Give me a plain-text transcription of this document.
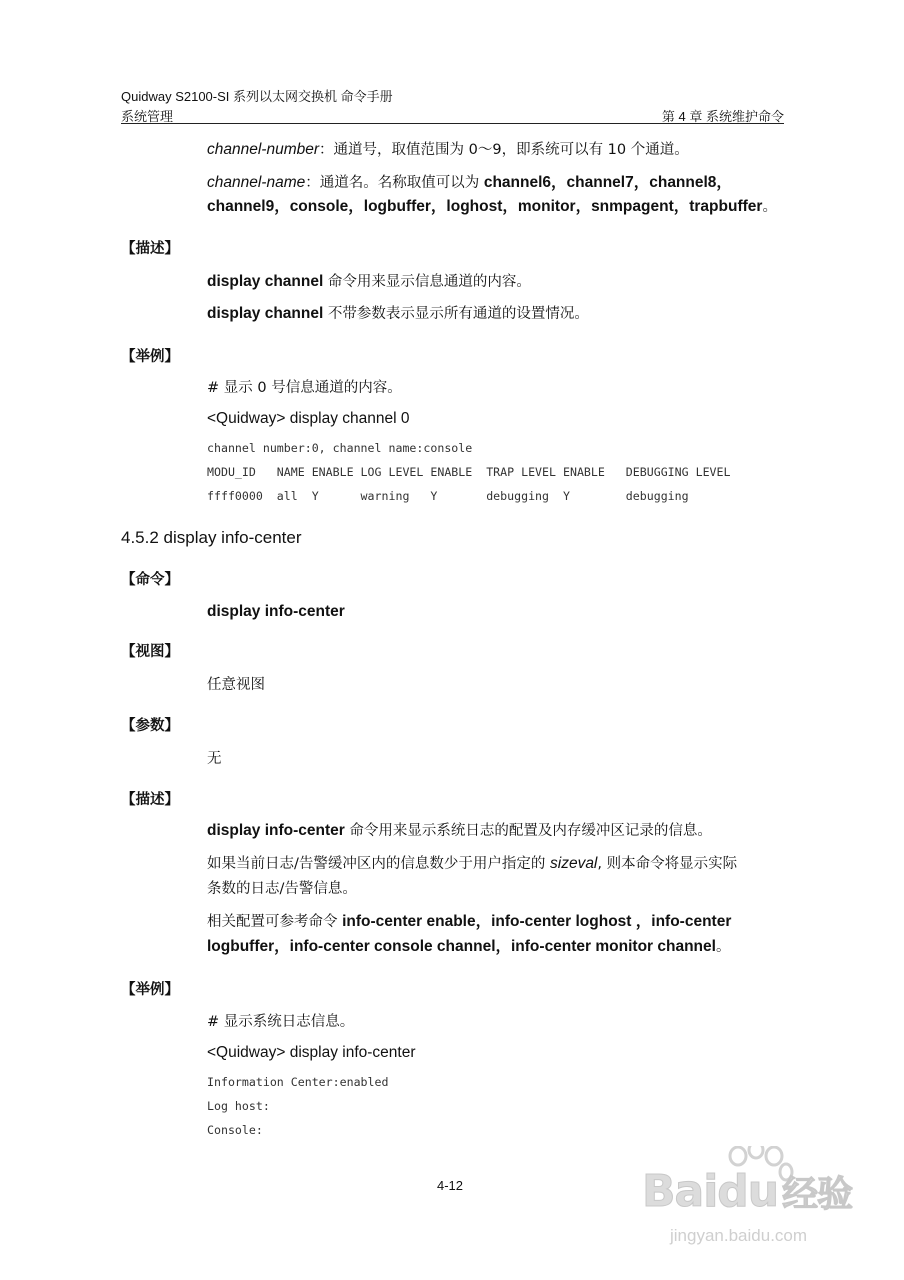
Quidway S2100-SI 系列以太网交换机 命令手册
系统管理	第 4 章 系统维护命令
channel-number：通道号，取值范围为 0～9，即系统可以有 10 个通道。
channel-name：通道名。名称取值可以为 channel6，channel7，channel8，
channel9，console，logbuffer，loghost，monitor，snmpagent，trapbuffer。
【描述】
display channel 命令用来显示信息通道的内容。
display channel 不带参数表示显示所有通道的设置情况。
【举例】
# 显示 0 号信息通道的内容。
<Quidway> display channel 0
channel number:0, channel name:console
MODU_ID   NAME ENABLE LOG LEVEL ENABLE  TRAP LEVEL ENABLE   DEBUGGING LEVEL
ffff0000  all  Y      warning   Y       debugging  Y        debugging
4.5.2 display info-center
【命令】
display info-center
【视图】
任意视图
【参数】
无
【描述】
display info-center 命令用来显示系统日志的配置及内存缓冲区记录的信息。
如果当前日志/告警缓冲区内的信息数少于用户指定的 sizeval, 则本命令将显示实际
条数的日志/告警信息。
相关配置可参考命令 info-center enable，info-center loghost ，info-center
logbuffer，info-center console channel，info-center monitor channel。
【举例】
# 显示系统日志信息。
<Quidway> display info-center
Information Center:enabled
Log host:
Console:
4-12	Baidu 经验
jingyan.baidu.com
